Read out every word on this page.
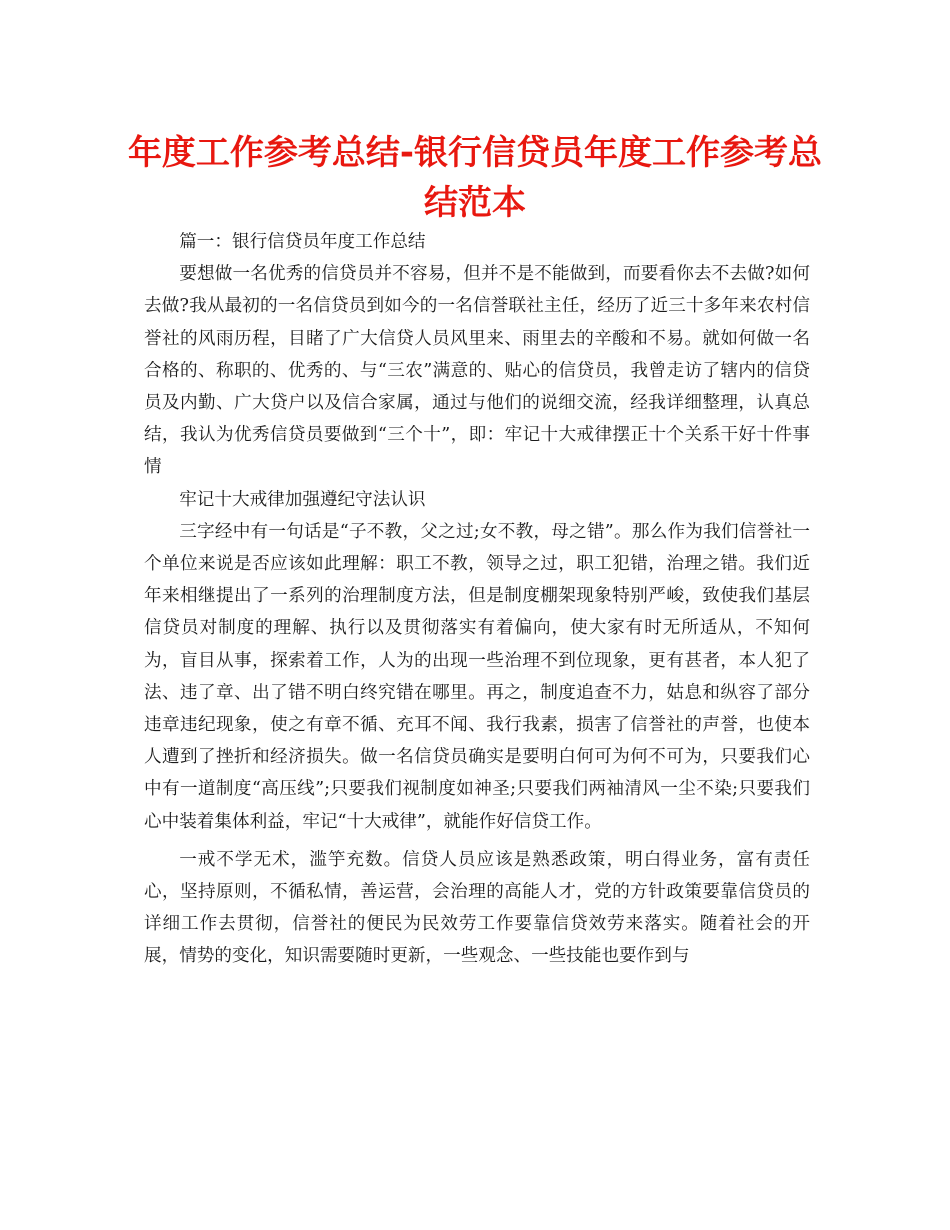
年度工作参考总结-银行信贷员年度工作参考总结范本

篇一：银行信贷员年度工作总结

要想做一名优秀的信贷员并不容易，但并不是不能做到，而要看你去不去做?如何去做?我从最初的一名信贷员到如今的一名信誉联社主任，经历了近三十多年来农村信誉社的风雨历程，目睹了广大信贷人员风里来、雨里去的辛酸和不易。就如何做一名合格的、称职的、优秀的、与“三农”满意的、贴心的信贷员，我曾走访了辖内的信贷员及内勤、广大贷户以及信合家属，通过与他们的说细交流，经我详细整理，认真总结，我认为优秀信贷员要做到“三个十”，即：牢记十大戒律摆正十个关系干好十件事情

牢记十大戒律加强遵纪守法认识

三字经中有一句话是“子不教，父之过;女不教，母之错”。那么作为我们信誉社一个单位来说是否应该如此理解：职工不教，领导之过，职工犯错，治理之错。我们近年来相继提出了一系列的治理制度方法，但是制度棚架现象特别严峻，致使我们基层信贷员对制度的理解、执行以及贯彻落实有着偏向，使大家有时无所适从，不知何为，盲目从事，探索着工作，人为的出现一些治理不到位现象，更有甚者，本人犯了法、违了章、出了错不明白终究错在哪里。再之，制度追查不力，姑息和纵容了部分违章违纪现象，使之有章不循、充耳不闻、我行我素，损害了信誉社的声誉，也使本人遭到了挫折和经济损失。做一名信贷员确实是要明白何可为何不可为，只要我们心中有一道制度“高压线”;只要我们视制度如神圣;只要我们两袖清风一尘不染;只要我们心中装着集体利益，牢记“十大戒律”，就能作好信贷工作。

一戒不学无术，滥竽充数。信贷人员应该是熟悉政策，明白得业务，富有责任心，坚持原则，不循私情，善运营，会治理的高能人才，党的方针政策要靠信贷员的详细工作去贯彻，信誉社的便民为民效劳工作要靠信贷效劳来落实。随着社会的开展，情势的变化，知识需要随时更新，一些观念、一些技能也要作到与
